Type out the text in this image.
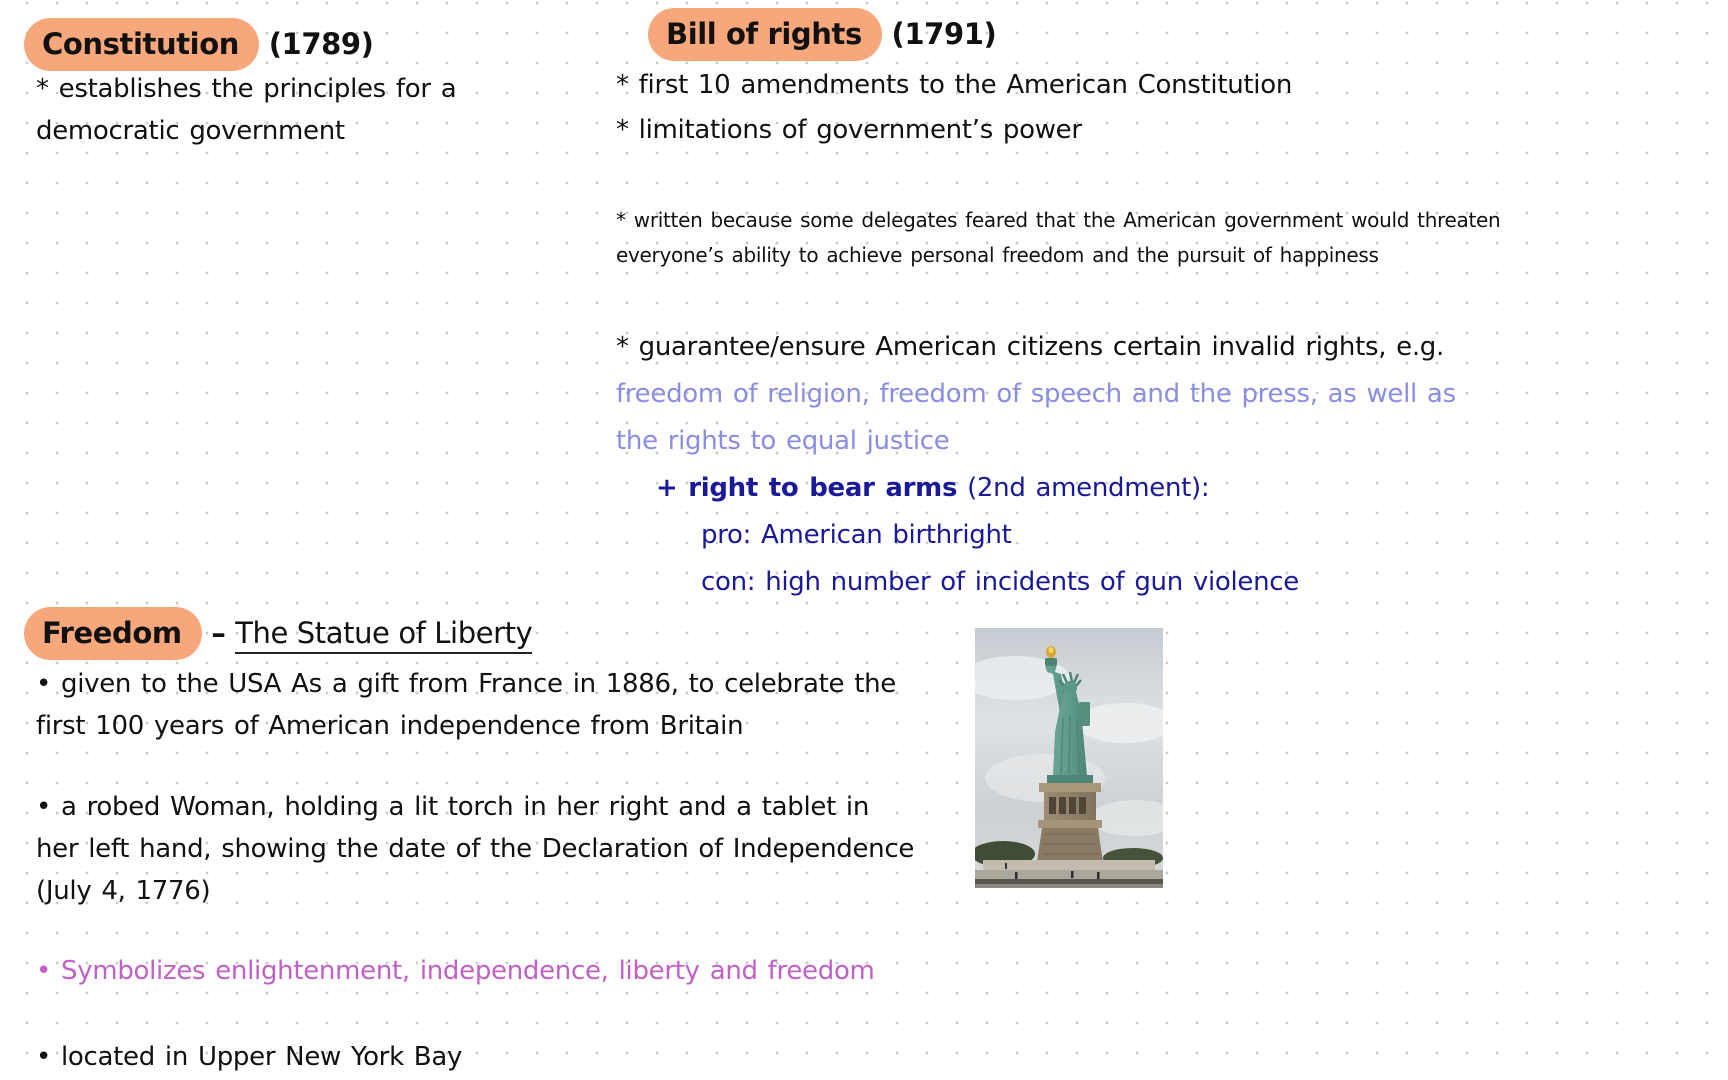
Constitution (1789)
* establishes the principles for a
democratic government
Bill of rights (1791)
* first 10 amendments to the American Constitution
* limitations of government’s power
* written because some delegates feared that the American government would threaten
everyone’s ability to achieve personal freedom and the pursuit of happiness
* guarantee/ensure American citizens certain invalid rights, e.g.
freedom of religion, freedom of speech and the press, as well as
the rights to equal justice
+ right to bear arms (2nd amendment):
pro: American birthright
con: high number of incidents of gun violence
Freedom – The Statue of Liberty
• given to the USA As a gift from France in 1886, to celebrate the
first 100 years of American independence from Britain
• a robed Woman, holding a lit torch in her right and a tablet in
her left hand, showing the date of the Declaration of Independence
(July 4, 1776)
• Symbolizes enlightenment, independence, liberty and freedom
• located in Upper New York Bay
